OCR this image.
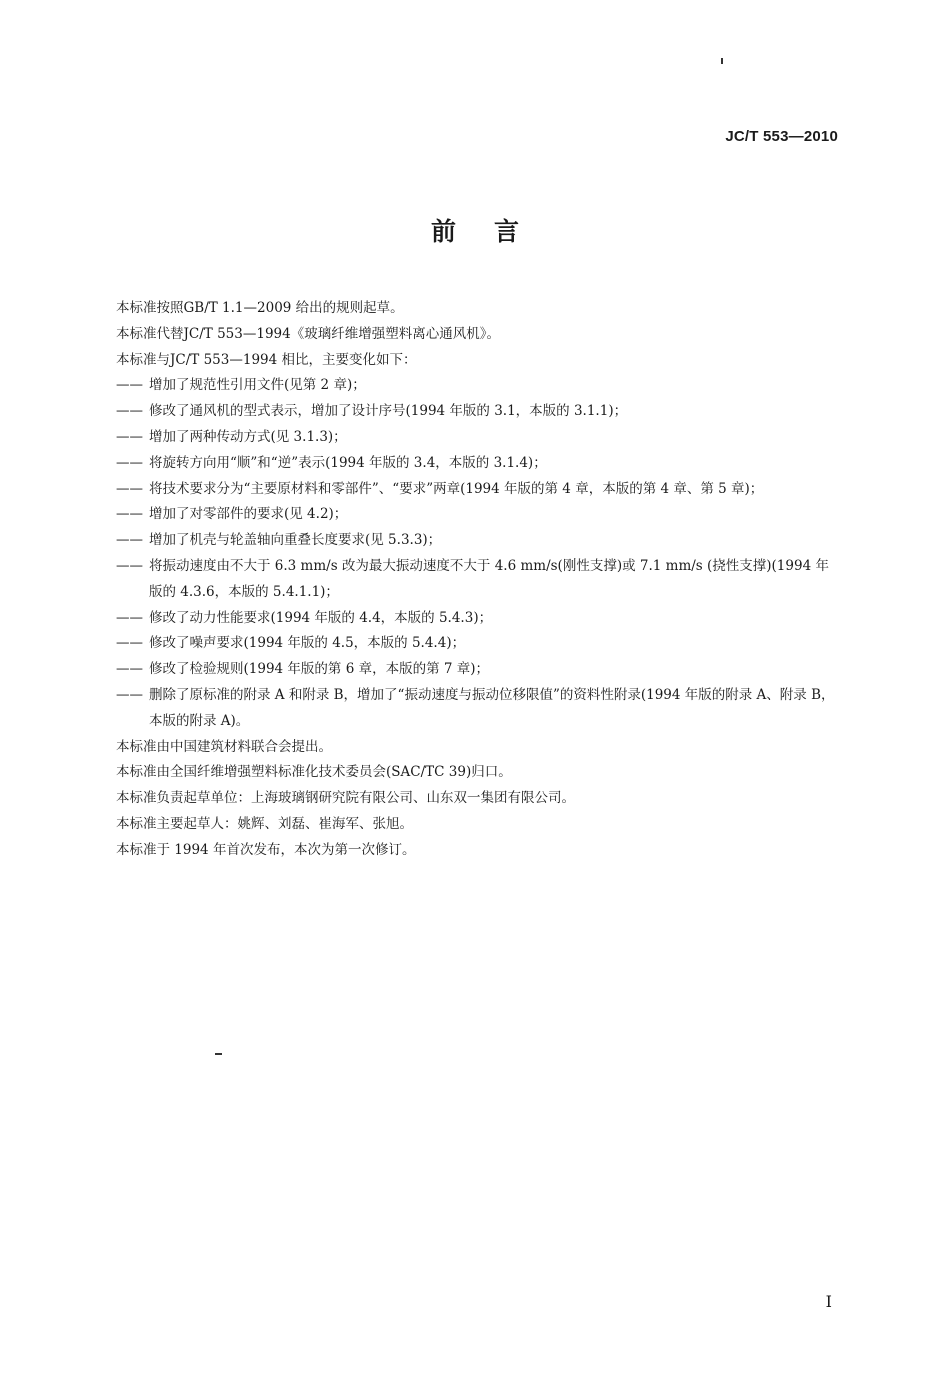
JC/T 553—2010
前言

本标准按照GB/T 1.1—2009 给出的规则起草。

本标准代替JC/T 553—1994《玻璃纤维增强塑料离心通风机》。

本标准与JC/T 553—1994 相比，主要变化如下：

—— 增加了规范性引用文件(见第 2 章)；

—— 修改了通风机的型式表示，增加了设计序号(1994 年版的 3.1，本版的 3.1.1)；

—— 增加了两种传动方式(见 3.1.3)；

—— 将旋转方向用“顺”和“逆”表示(1994 年版的 3.4，本版的 3.1.4)；

—— 将技术要求分为“主要原材料和零部件”、“要求”两章(1994 年版的第 4 章，本版的第 4 章、第 5 章)；

—— 增加了对零部件的要求(见 4.2)；

—— 增加了机壳与轮盖轴向重叠长度要求(见 5.3.3)；

—— 将振动速度由不大于 6.3 mm/s 改为最大振动速度不大于 4.6 mm/s(刚性支撑)或 7.1 mm/s (挠性支撑)(1994 年版的 4.3.6，本版的 5.4.1.1)；

—— 修改了动力性能要求(1994 年版的 4.4，本版的 5.4.3)；

—— 修改了噪声要求(1994 年版的 4.5，本版的 5.4.4)；

—— 修改了检验规则(1994 年版的第 6 章，本版的第 7 章)；

—— 删除了原标准的附录 A 和附录 B，增加了“振动速度与振动位移限值”的资料性附录(1994 年版的附录 A、附录 B，本版的附录 A)。

本标准由中国建筑材料联合会提出。

本标准由全国纤维增强塑料标准化技术委员会(SAC/TC 39)归口。

本标准负责起草单位：上海玻璃钢研究院有限公司、山东双一集团有限公司。

本标准主要起草人：姚辉、刘磊、崔海军、张旭。

本标准于 1994 年首次发布，本次为第一次修订。

I
